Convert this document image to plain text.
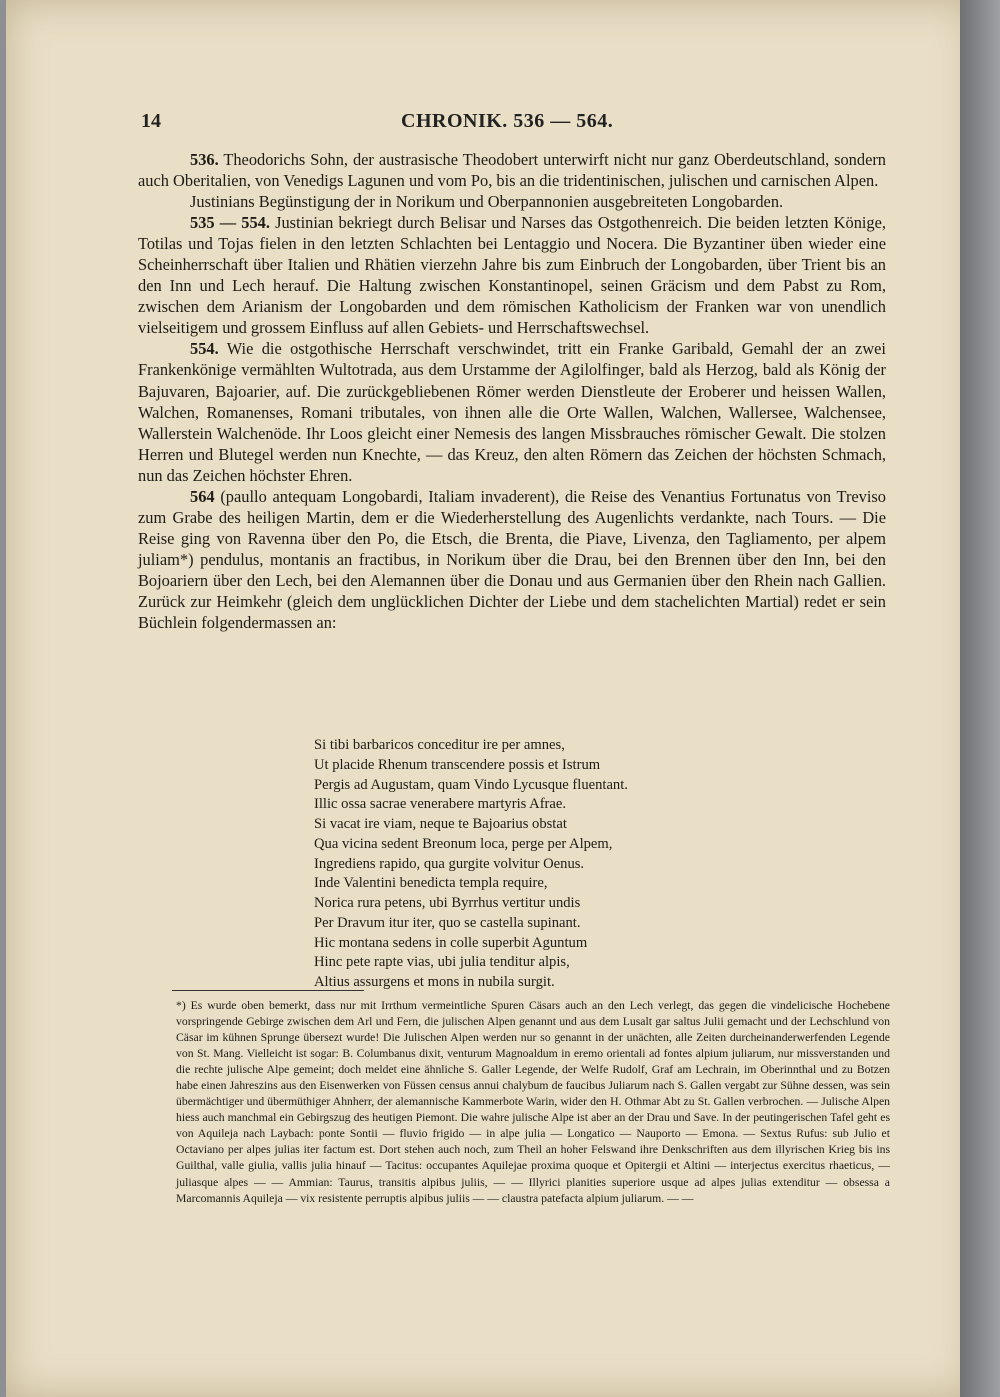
14	CHRONIK. 536 — 564.

536. Theodorichs Sohn, der austrasische Theodobert unterwirft nicht nur ganz Oberdeutschland, sondern auch Oberitalien, von Venedigs Lagunen und vom Po, bis an die tridentinischen, julischen und carnischen Alpen.

Justinians Begünstigung der in Norikum und Oberpannonien ausgebreiteten Longobarden.

535 — 554. Justinian bekriegt durch Belisar und Narses das Ostgothenreich. Die beiden letzten Könige, Totilas und Tojas fielen in den letzten Schlachten bei Lentaggio und Nocera. Die Byzantiner üben wieder eine Scheinherrschaft über Italien und Rhätien vierzehn Jahre bis zum Einbruch der Longobarden, über Trient bis an den Inn und Lech herauf. Die Haltung zwischen Konstantinopel, seinen Gräcism und dem Pabst zu Rom, zwischen dem Arianism der Longobarden und dem römischen Katholicism der Franken war von unendlich vielseitigem und grossem Einfluss auf allen Gebiets- und Herrschaftswechsel.

554. Wie die ostgothische Herrschaft verschwindet, tritt ein Franke Garibald, Gemahl der an zwei Frankenkönige vermählten Wultotrada, aus dem Urstamme der Agilolfinger, bald als Herzog, bald als König der Bajuvaren, Bajoarier, auf. Die zurückgebliebenen Römer werden Dienstleute der Eroberer und heissen Wallen, Walchen, Romanenses, Romani tributales, von ihnen alle die Orte Wallen, Walchen, Wallersee, Walchensee, Wallerstein Walchenöde. Ihr Loos gleicht einer Nemesis des langen Missbrauches römischer Gewalt. Die stolzen Herren und Blutegel werden nun Knechte, — das Kreuz, den alten Römern das Zeichen der höchsten Schmach, nun das Zeichen höchster Ehren.

564 (paullo antequam Longobardi, Italiam invaderent), die Reise des Venantius Fortunatus von Treviso zum Grabe des heiligen Martin, dem er die Wiederherstellung des Augenlichts verdankte, nach Tours. — Die Reise ging von Ravenna über den Po, die Etsch, die Brenta, die Piave, Livenza, den Tagliamento, per alpem juliam*) pendulus, montanis an fractibus, in Norikum über die Drau, bei den Brennen über den Inn, bei den Bojoariern über den Lech, bei den Alemannen über die Donau und aus Germanien über den Rhein nach Gallien. Zurück zur Heimkehr (gleich dem unglücklichen Dichter der Liebe und dem stachelichten Martial) redet er sein Büchlein folgendermassen an:

Si tibi barbaricos conceditur ire per amnes,
Ut placide Rhenum transcendere possis et Istrum
Pergis ad Augustam, quam Vindo Lycusque fluentant.
Illic ossa sacrae venerabere martyris Afrae.
Si vacat ire viam, neque te Bajoarius obstat
Qua vicina sedent Breonum loca, perge per Alpem,
Ingrediens rapido, qua gurgite volvitur Oenus.
Inde Valentini benedicta templa require,
Norica rura petens, ubi Byrrhus vertitur undis
Per Dravum itur iter, quo se castella supinant.
Hic montana sedens in colle superbit Aguntum
Hinc pete rapte vias, ubi julia tenditur alpis,
Altius assurgens et mons in nubila surgit.
*) Es wurde oben bemerkt, dass nur mit Irrthum vermeintliche Spuren Cäsars auch an den Lech verlegt, das gegen die vindelicische Hochebene vorspringende Gebirge zwischen dem Arl und Fern, die julischen Alpen genannt und aus dem Lusalt gar saltus Julii gemacht und der Lechschlund von Cäsar im kühnen Sprunge übersezt wurde! Die Julischen Alpen werden nur so genannt in der unächten, alle Zeiten durcheinanderwerfenden Legende von St. Mang. Vielleicht ist sogar: B. Columbanus dixit, venturum Magnoaldum in eremo orientali ad fontes alpium juliarum, nur missverstanden und die rechte julische Alpe gemeint; doch meldet eine ähnliche S. Galler Legende, der Welfe Rudolf, Graf am Lechrain, im Oberinnthal und zu Botzen habe einen Jahreszins aus den Eisenwerken von Füssen census annui chalybum de faucibus Juliarum nach S. Gallen vergabt zur Sühne dessen, was sein übermächtiger und übermüthiger Ahnherr, der alemannische Kammerbote Warin, wider den H. Othmar Abt zu St. Gallen verbrochen. — Julische Alpen hiess auch manchmal ein Gebirgszug des heutigen Piemont. Die wahre julische Alpe ist aber an der Drau und Save. In der peutingerischen Tafel geht es von Aquileja nach Laybach: ponte Sontii — fluvio frigido — in alpe julia — Longatico — Nauporto — Emona. — Sextus Rufus: sub Julio et Octaviano per alpes julias iter factum est. Dort stehen auch noch, zum Theil an hoher Felswand ihre Denkschriften aus dem illyrischen Krieg bis ins Guilthal, valle giulia, vallis julia hinauf — Tacitus: occupantes Aquilejae proxima quoque et Opitergii et Altini — interjectus exercitus rhaeticus, — juliasque alpes — — Ammian: Taurus, transitis alpibus juliis, — — Illyrici planities superiore usque ad alpes julias extenditur — obsessa a Marcomannis Aquileja — vix resistente perruptis alpibus juliis — — claustra patefacta alpium juliarum. — —
